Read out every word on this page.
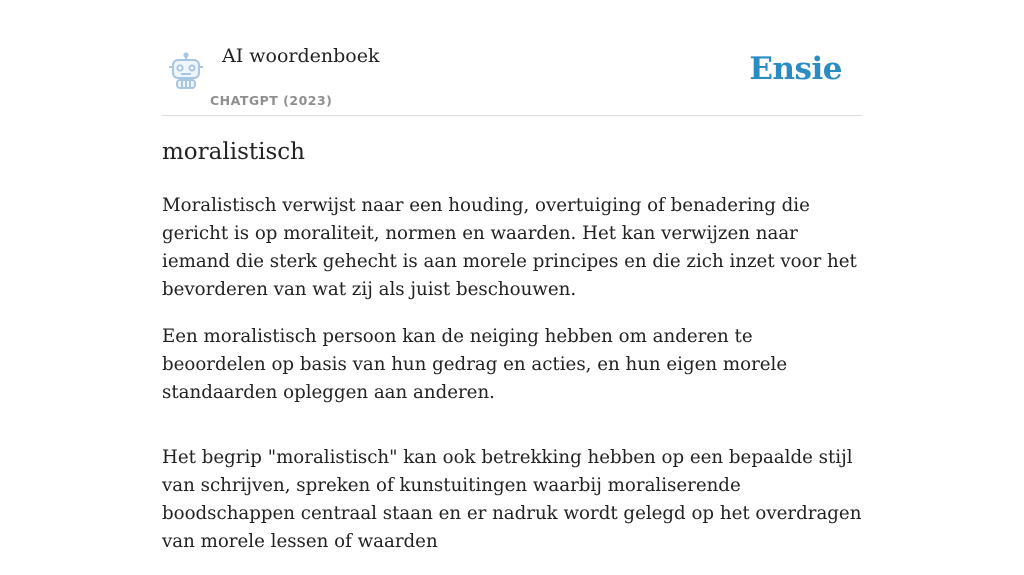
AI woordenboek
CHATGPT (2023)
Ensie
moralistisch

Moralistisch verwijst naar een houding, overtuiging of benadering die gericht is op moraliteit, normen en waarden. Het kan verwijzen naar iemand die sterk gehecht is aan morele principes en die zich inzet voor het bevorderen van wat zij als juist beschouwen.

Een moralistisch persoon kan de neiging hebben om anderen te beoordelen op basis van hun gedrag en acties, en hun eigen morele standaarden opleggen aan anderen.

Het begrip "moralistisch" kan ook betrekking hebben op een bepaalde stijl van schrijven, spreken of kunstuitingen waarbij moraliserende boodschappen centraal staan en er nadruk wordt gelegd op het overdragen van morele lessen of waarden
